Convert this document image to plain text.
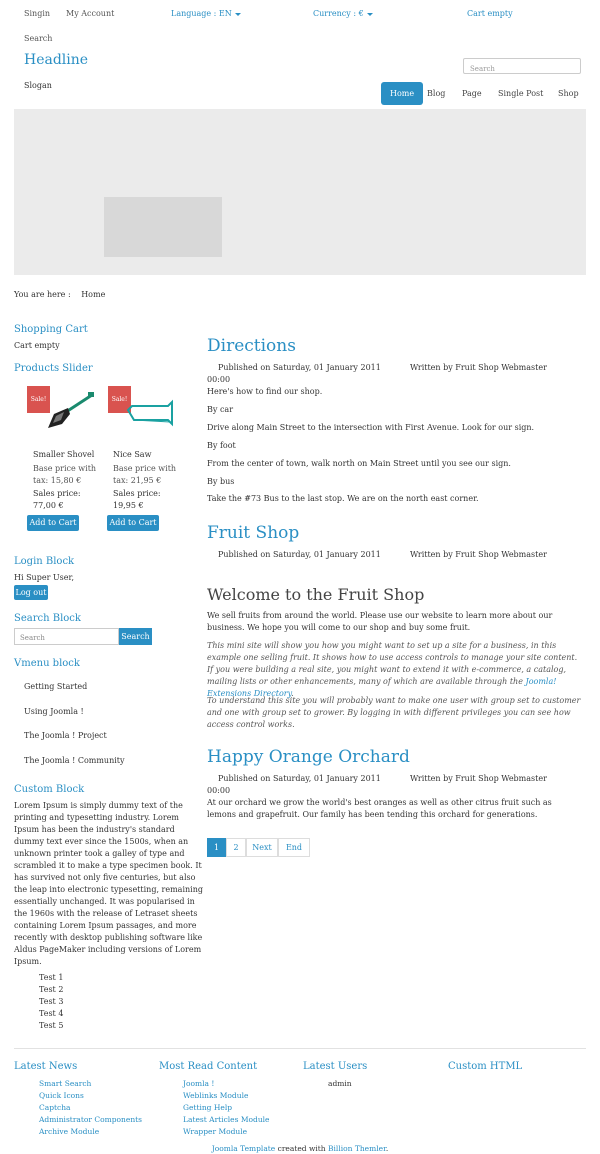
Singin My Account	Language : EN	Currency : €	Cart empty
Search
Headline
Slogan
Search
Home	Blog Page Single Post Shop
You are here : Home
Shopping Cart
Cart empty
Products Slider
Sale!	Sale!
Smaller Shovel
Base price with tax: 15,80 €
Sales price:
77,00 €
Add to Cart
Nice Saw
Base price with tax: 21,95 €
Sales price:
19,95 €
Add to Cart
Login Block
Hi Super User,
Log out
Search Block
Search	Search
Vmenu block
Getting Started
Using Joomla !
The Joomla ! Project
The Joomla ! Community
Custom Block
Lorem Ipsum is simply dummy text of the
printing and typesetting industry. Lorem
Ipsum has been the industry's standard
dummy text ever since the 1500s, when an
unknown printer took a galley of type and
scrambled it to make a type specimen book. It
has survived not only five centuries, but also
the leap into electronic typesetting, remaining
essentially unchanged. It was popularised in
the 1960s with the release of Letraset sheets
containing Lorem Ipsum passages, and more
recently with desktop publishing software like
Aldus PageMaker including versions of Lorem
Ipsum.
Test 1
Test 2
Test 3
Test 4
Test 5
Directions
Published on Saturday, 01 January 2011	Written by Fruit Shop Webmaster
00:00
Here's how to find our shop.
By car
Drive along Main Street to the intersection with First Avenue. Look for our sign.
By foot
From the center of town, walk north on Main Street until you see our sign.
By bus
Take the #73 Bus to the last stop. We are on the north east corner.
Fruit Shop
Published on Saturday, 01 January 2011	Written by Fruit Shop Webmaster
Welcome to the Fruit Shop
We sell fruits from around the world. Please use our website to learn more about our business. We hope you will come to our shop and buy some fruit.
This mini site will show you how you might want to set up a site for a business, in this example one selling fruit. It shows how to use access controls to manage your site content. If you were building a real site, you might want to extend it with e-commerce, a catalog, mailing lists or other enhancements, many of which are available through the Joomla! Extensions Directory.
To understand this site you will probably want to make one user with group set to customer and one with group set to grower. By logging in with different privileges you can see how access control works.
Happy Orange Orchard
Published on Saturday, 01 January 2011	Written by Fruit Shop Webmaster
00:00
At our orchard we grow the world's best oranges as well as other citrus fruit such as lemons and grapefruit. Our family has been tending this orchard for generations.
1	2	Next	End
Latest News
Smart Search
Quick Icons
Captcha
Administrator Components
Archive Module
Most Read Content
Joomla !
Weblinks Module
Getting Help
Latest Articles Module
Wrapper Module
Latest Users
admin
Custom HTML
Joomla Template created with Billion Themler.
